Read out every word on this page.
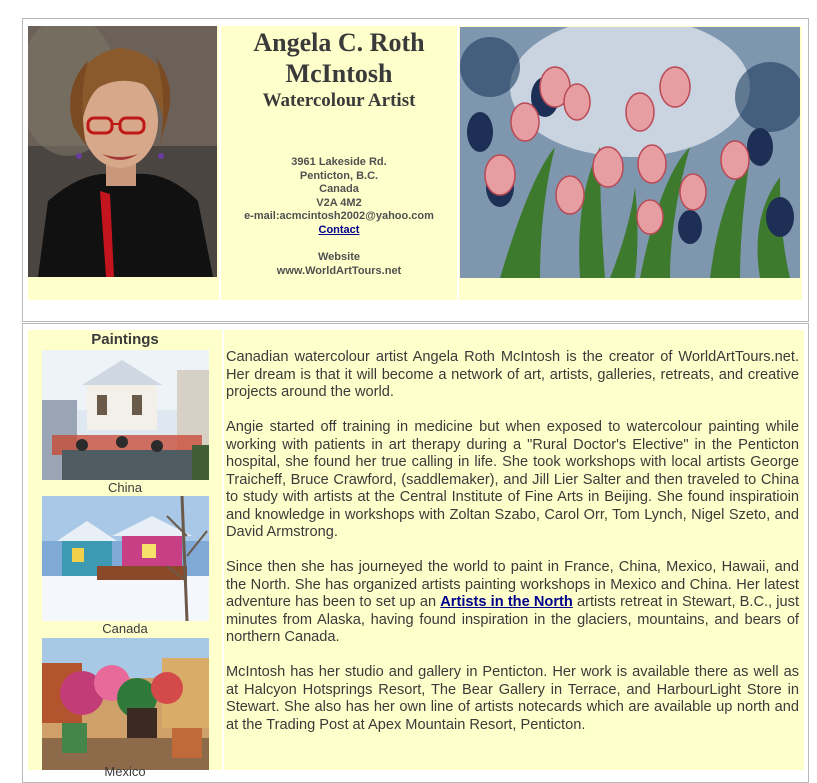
Angela C. Roth
McIntosh
Watercolour Artist
3961 Lakeside Rd.
Penticton, B.C.
Canada
V2A 4M2
e-mail:acmcintosh2002@yahoo.com
Contact
Website
www.WorldArtTours.net
Paintings
China
Canada
Mexico

Canadian watercolour artist Angela Roth McIntosh is the creator of WorldArtTours.net. Her dream is that it will become a network of art, artists, galleries, retreats, and creative projects around the world.

Angie started off training in medicine but when exposed to watercolour painting while working with patients in art therapy during a "Rural Doctor's Elective" in the Penticton hospital, she found her true calling in life. She took workshops with local artists George Traicheff, Bruce Crawford, (saddlemaker), and Jill Lier Salter and then traveled to China to study with artists at the Central Institute of Fine Arts in Beijing. She found inspiratioin and knowledge in workshops with Zoltan Szabo, Carol Orr, Tom Lynch, Nigel Szeto, and David Armstrong.

Since then she has journeyed the world to paint in France, China, Mexico, Hawaii, and the North. She has organized artists painting workshops in Mexico and China. Her latest adventure has been to set up an Artists in the North artists retreat in Stewart, B.C., just minutes from Alaska, having found inspiration in the glaciers, mountains, and bears of northern Canada.

McIntosh has her studio and gallery in Penticton. Her work is available there as well as at Halcyon Hotsprings Resort, The Bear Gallery in Terrace, and HarbourLight Store in Stewart. She also has her own line of artists notecards which are available up north and at the Trading Post at Apex Mountain Resort, Penticton.
